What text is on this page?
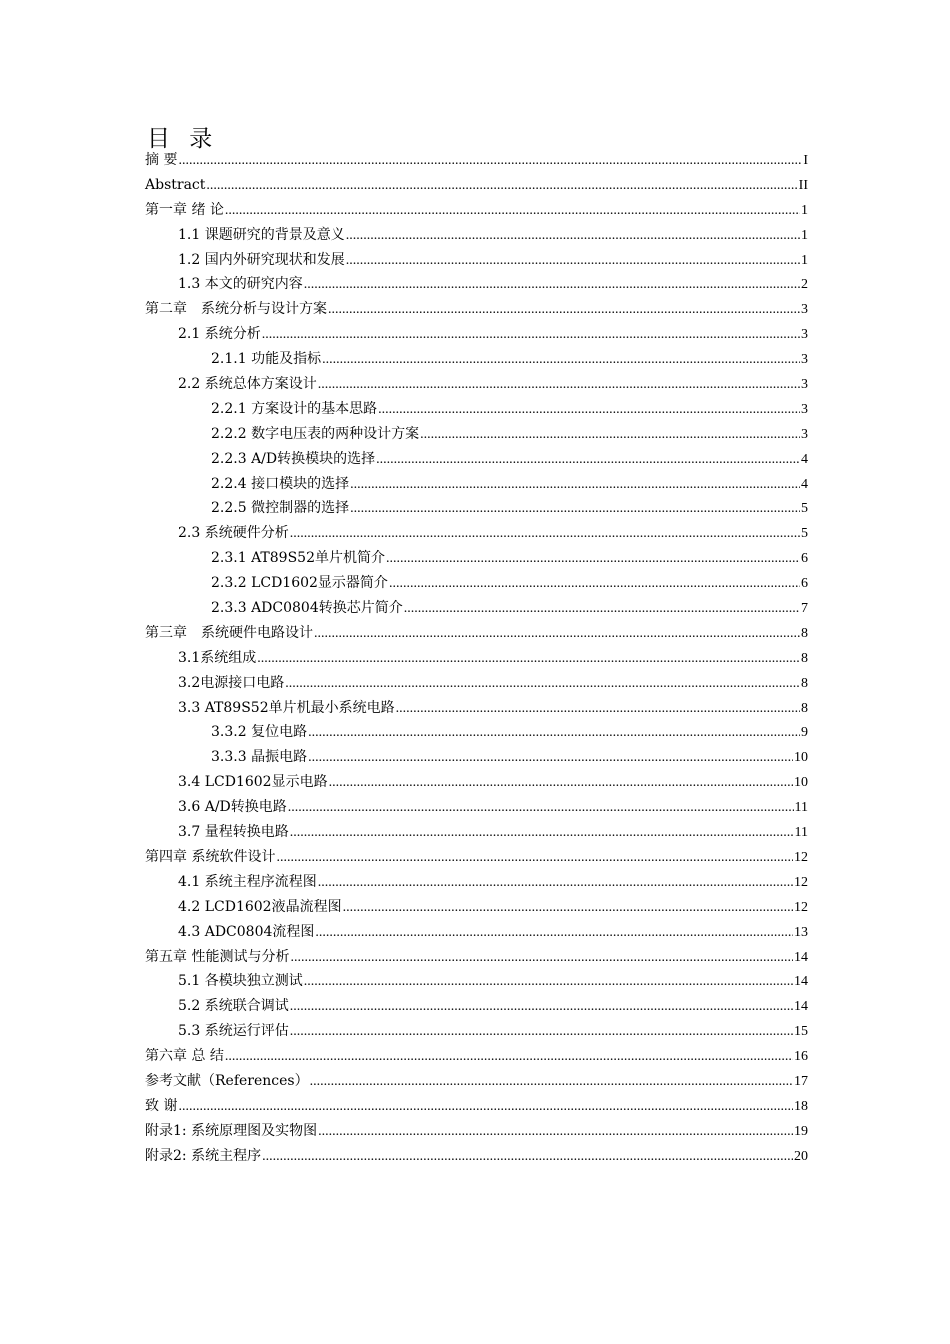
目 录
摘 要 .....	I
Abstract .....	II
第一章 绪 论 .....	1
1.1 课题研究的背景及意义 .....	1
1.2 国内外研究现状和发展 .....	1
1.3 本文的研究内容 .....	2
第二章　系统分析与设计方案 .....	3
2.1 系统分析 .....	3
2.1.1 功能及指标 .....	3
2.2 系统总体方案设计 .....	3
2.2.1 方案设计的基本思路 .....	3
2.2.2 数字电压表的两种设计方案 .....	3
2.2.3 A/D转换模块的选择 .....	4
2.2.4 接口模块的选择 .....	4
2.2.5 微控制器的选择 .....	5
2.3 系统硬件分析 .....	5
2.3.1 AT89S52单片机简介 .....	6
2.3.2 LCD1602显示器简介 .....	6
2.3.3 ADC0804转换芯片简介 .....	7
第三章　系统硬件电路设计 .....	8
3.1系统组成 .....	8
3.2电源接口电路 .....	8
3.3 AT89S52单片机最小系统电路 .....	8
3.3.2 复位电路 .....	9
3.3.3 晶振电路 .....	10
3.4 LCD1602显示电路 .....	10
3.6 A/D转换电路 .....	11
3.7 量程转换电路 .....	11
第四章 系统软件设计 .....	12
4.1 系统主程序流程图 .....	12
4.2 LCD1602液晶流程图 .....	12
4.3 ADC0804流程图 .....	13
第五章 性能测试与分析 .....	14
5.1 各模块独立测试 .....	14
5.2 系统联合调试 .....	14
5.3 系统运行评估 .....	15
第六章 总 结 .....	16
参考文献（References） .....	17
致 谢 .....	18
附录1: 系统原理图及实物图 .....	19
附录2: 系统主程序 .....	20
